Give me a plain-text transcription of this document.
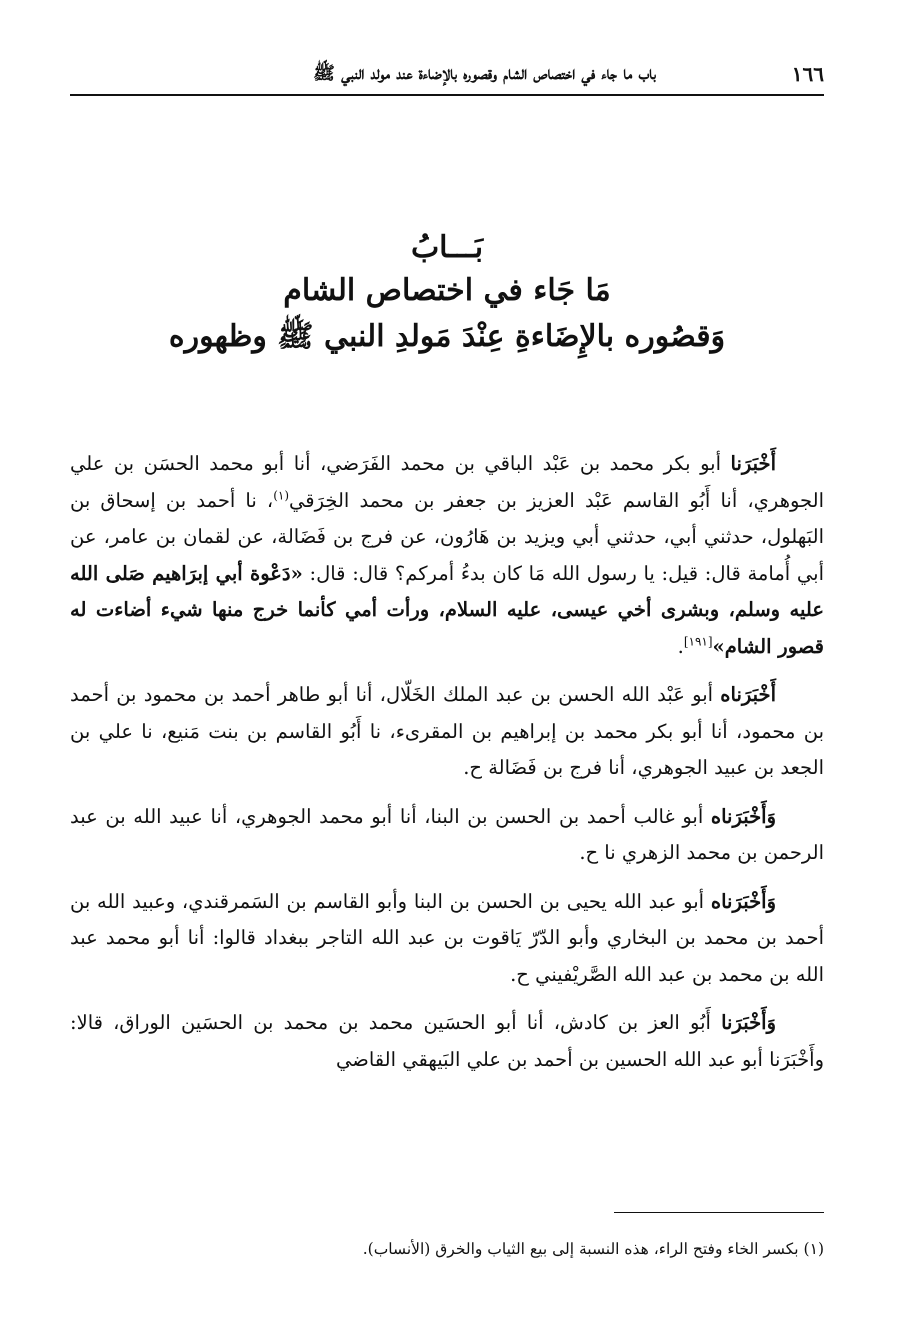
١٦٦
باب ما جاء في اختصاص الشام وقصوره بالإضاءة عند مولد النبي ﷺ
بَـــابُ
مَا جَاء في اختصاص الشام
وَقصُوره بالإِضَاءةِ عِنْدَ مَولدِ النبي ﷺ وظهوره

أَخْبَرَنا أبو بكر محمد بن عَبْد الباقي بن محمد الفَرَضي، أنا أبو محمد الحسَن بن علي الجوهري، أنا أَبُو القاسم عَبْد العزيز بن جعفر بن محمد الخِرَقي$^{(١)}$، نا أحمد بن إسحاق بن البَهلول، حدثني أبي، حدثني أبي ويزيد بن هَارُون، عن فرج بن فَضَالة، عن لقمان بن عامر، عن أبي أُمامة قال: قيل: يا رسول الله مَا كان بدءُ أمركم؟ قال: قال: «دَعْوة أبي إبرَاهيم صَلى الله عليه وسلم، وبشرى أخي عيسى، عليه السلام، ورأت أمي كأنما خرج منها شيء أضاءت له قصور الشام»[١٩١].

أَخْبَرَناه أبو عَبْد الله الحسن بن عبد الملك الخَلّال، أنا أبو طاهر أحمد بن محمود بن أحمد بن محمود، أنا أبو بكر محمد بن إبراهيم بن المقرىء، نا أَبُو القاسم بن بنت مَنيع، نا علي بن الجعد بن عبيد الجوهري، أنا فرج بن فَضَالة ح.

وَأَخْبَرَناه أبو غالب أحمد بن الحسن بن البنا، أنا أبو محمد الجوهري، أنا عبيد الله بن عبد الرحمن بن محمد الزهري نا ح.

وَأَخْبَرَناه أبو عبد الله يحيى بن الحسن بن البنا وأبو القاسم بن السَمرقندي، وعبيد الله بن أحمد بن محمد بن البخاري وأبو الدّرّ يَاقوت بن عبد الله التاجر ببغداد قالوا: أنا أبو محمد عبد الله بن محمد بن عبد الله الصَّريْفيني ح.

وَأَخْبَرَنا أَبُو العز بن كادش، أنا أبو الحسَين محمد بن محمد بن الحسَين الوراق، قالا: وأَخْبَرَنا أبو عبد الله الحسين بن أحمد بن علي البَيهقي القاضي

(١) بكسر الخاء وفتح الراء، هذه النسبة إلى بيع الثياب والخرق (الأنساب).
